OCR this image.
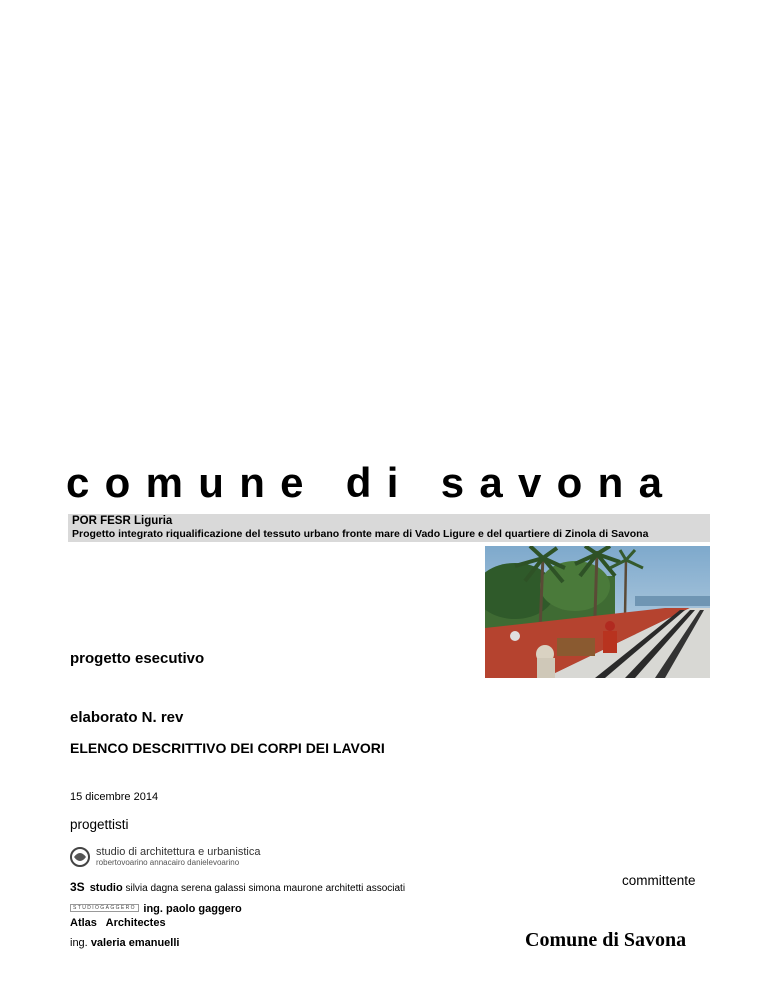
comune di savona
POR FESR Liguria
Progetto integrato riqualificazione del tessuto urbano fronte mare di Vado Ligure e del quartiere di Zinola di Savona
progetto esecutivo
elaborato N. rev
ELENCO DESCRITTIVO DEI CORPI DEI LAVORI
15 dicembre 2014
progettisti
studio di architettura e urbanistica
robertovoarino annacairo danielevoarino
3S studio silvia dagna serena galassi simona maurone architetti associati
STUDIOGAGGERO ing. paolo gaggero
Atlas   Architectes
ing. valeria emanuelli
committente
Comune di Savona
